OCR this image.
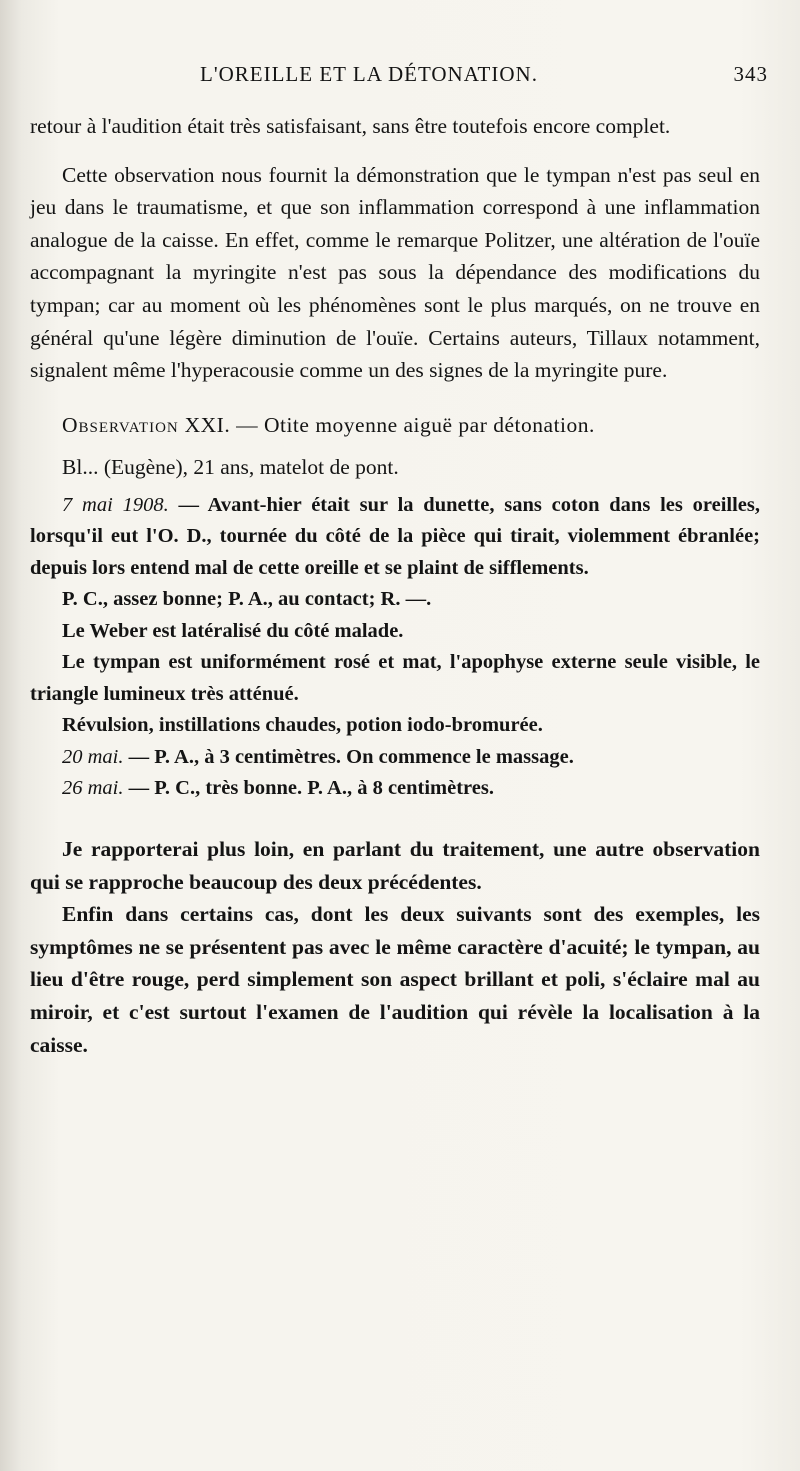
L'OREILLE ET LA DÉTONATION.	343

retour à l'audition était très satisfaisant, sans être toutefois encore complet.

Cette observation nous fournit la démonstration que le tympan n'est pas seul en jeu dans le traumatisme, et que son inflammation correspond à une inflammation analogue de la caisse. En effet, comme le remarque Politzer, une altération de l'ouïe accompagnant la myringite n'est pas sous la dépendance des modifications du tympan; car au moment où les phénomènes sont le plus marqués, on ne trouve en général qu'une légère diminution de l'ouïe. Certains auteurs, Tillaux notamment, signalent même l'hyperacousie comme un des signes de la myringite pure.

Observation XXI. — Otite moyenne aiguë par détonation.

Bl... (Eugène), 21 ans, matelot de pont.

7 mai 1908. — Avant-hier était sur la dunette, sans coton dans les oreilles, lorsqu'il eut l'O. D., tournée du côté de la pièce qui tirait, violemment ébranlée; depuis lors entend mal de cette oreille et se plaint de sifflements.

P. C., assez bonne; P. A., au contact; R. —.

Le Weber est latéralisé du côté malade.

Le tympan est uniformément rosé et mat, l'apophyse externe seule visible, le triangle lumineux très atténué.

Révulsion, instillations chaudes, potion iodo-bromurée.

20 mai. — P. A., à 3 centimètres. On commence le massage.

26 mai. — P. C., très bonne. P. A., à 8 centimètres.

Je rapporterai plus loin, en parlant du traitement, une autre observation qui se rapproche beaucoup des deux précédentes.

Enfin dans certains cas, dont les deux suivants sont des exemples, les symptômes ne se présentent pas avec le même caractère d'acuité; le tympan, au lieu d'être rouge, perd simplement son aspect brillant et poli, s'éclaire mal au miroir, et c'est surtout l'examen de l'audition qui révèle la localisation à la caisse.
